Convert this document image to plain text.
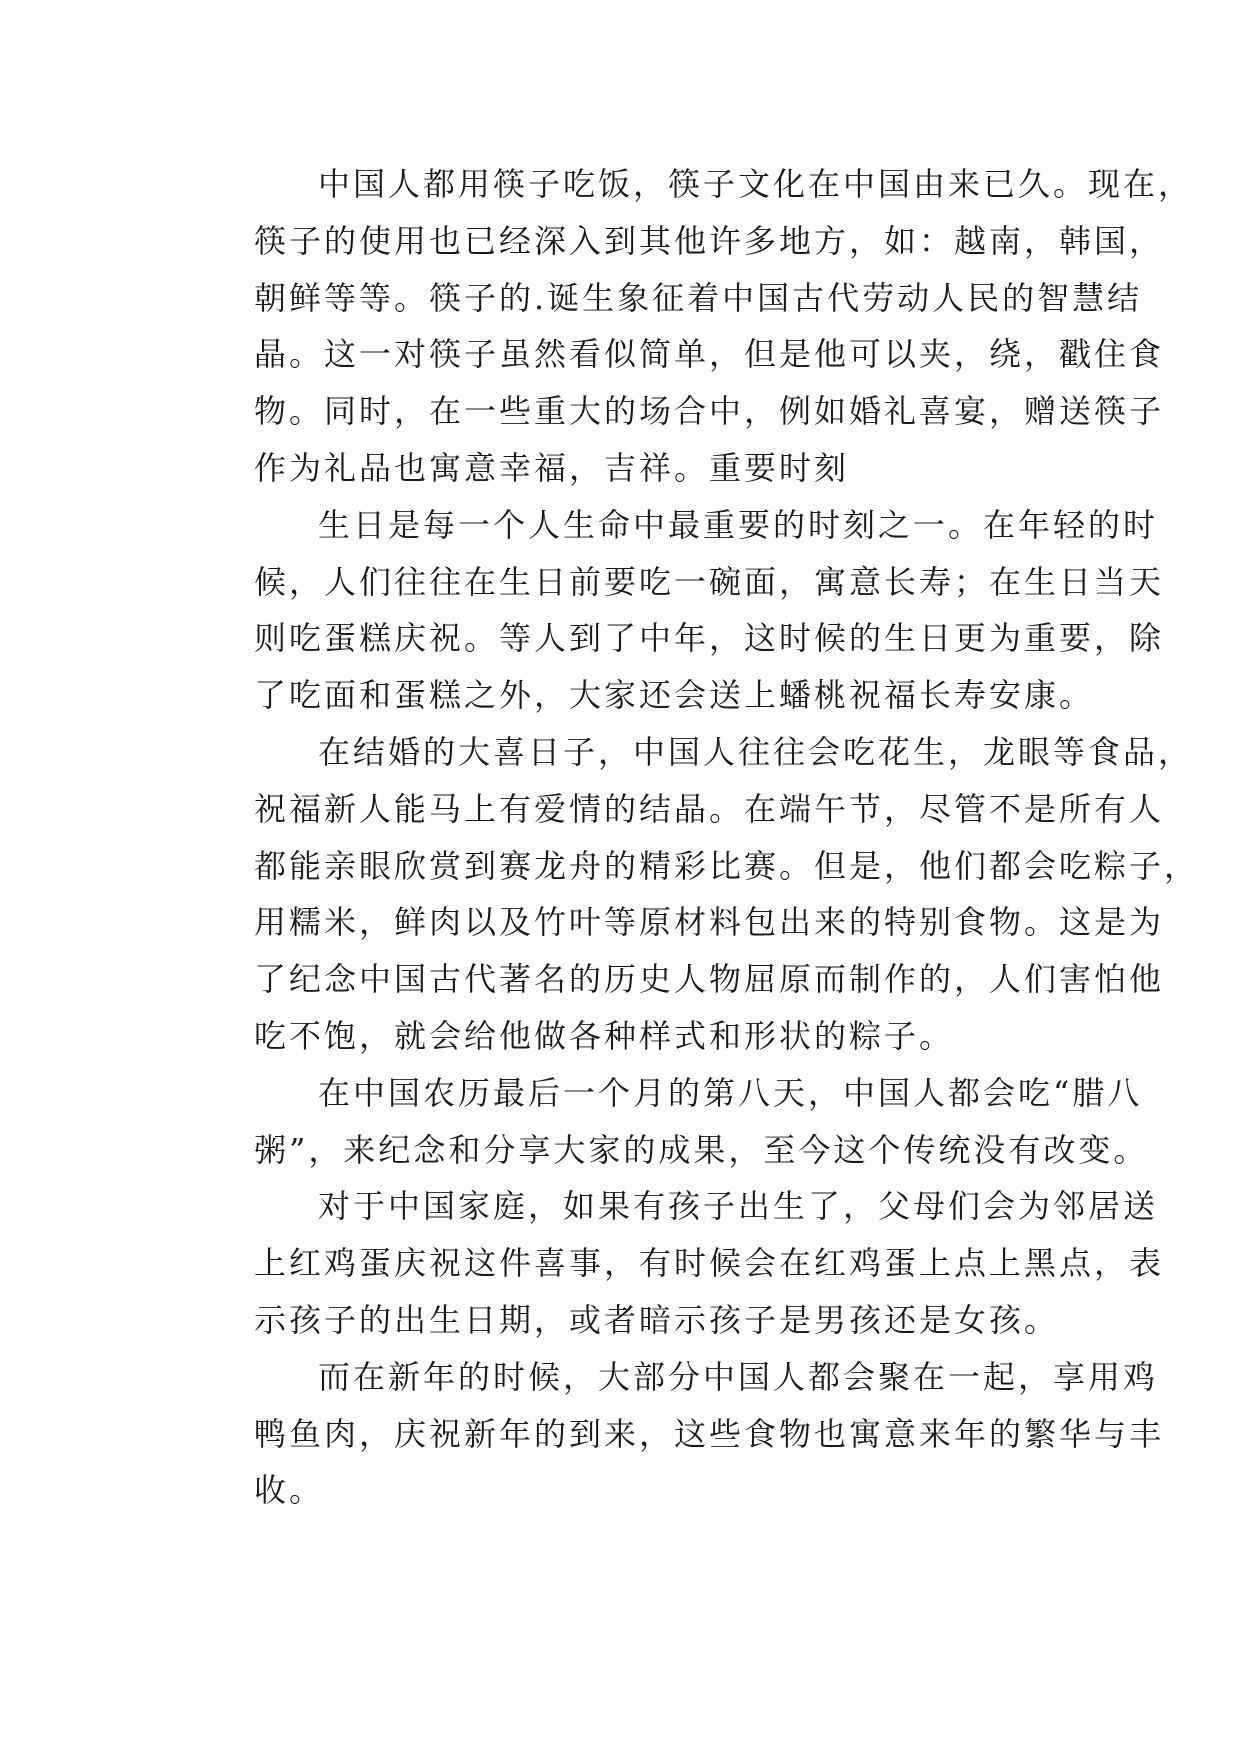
中国人都用筷子吃饭，筷子文化在中国由来已久。现在，
筷子的使用也已经深入到其他许多地方，如：越南，韩国，
朝鲜等等。筷子的.诞生象征着中国古代劳动人民的智慧结
晶。这一对筷子虽然看似简单，但是他可以夹，绕，戳住食
物。同时，在一些重大的场合中，例如婚礼喜宴，赠送筷子
作为礼品也寓意幸福，吉祥。重要时刻
生日是每一个人生命中最重要的时刻之一。在年轻的时
候，人们往往在生日前要吃一碗面，寓意长寿；在生日当天
则吃蛋糕庆祝。等人到了中年，这时候的生日更为重要，除
了吃面和蛋糕之外，大家还会送上蟠桃祝福长寿安康。
在结婚的大喜日子，中国人往往会吃花生，龙眼等食品，
祝福新人能马上有爱情的结晶。在端午节，尽管不是所有人
都能亲眼欣赏到赛龙舟的精彩比赛。但是，他们都会吃粽子，
用糯米，鲜肉以及竹叶等原材料包出来的特别食物。这是为
了纪念中国古代著名的历史人物屈原而制作的，人们害怕他
吃不饱，就会给他做各种样式和形状的粽子。
在中国农历最后一个月的第八天，中国人都会吃“腊八
粥”，来纪念和分享大家的成果，至今这个传统没有改变。
对于中国家庭，如果有孩子出生了，父母们会为邻居送
上红鸡蛋庆祝这件喜事，有时候会在红鸡蛋上点上黑点，表
示孩子的出生日期，或者暗示孩子是男孩还是女孩。
而在新年的时候，大部分中国人都会聚在一起，享用鸡
鸭鱼肉，庆祝新年的到来，这些食物也寓意来年的繁华与丰
收。
